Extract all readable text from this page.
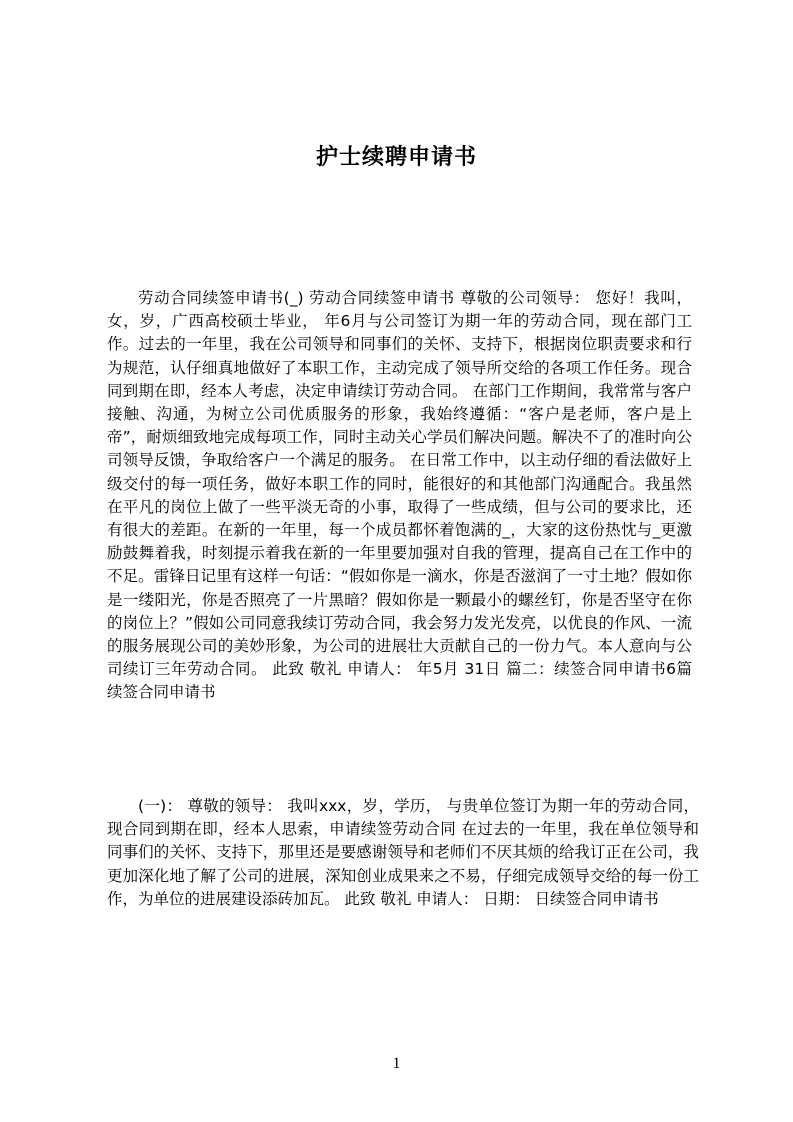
护士续聘申请书

劳动合同续签申请书(_) 劳动合同续签申请书 尊敬的公司领导： 您好！我叫，女，岁，广西高校硕士毕业， 年6月与公司签订为期一年的劳动合同，现在部门工作。过去的一年里，我在公司领导和同事们的关怀、支持下，根据岗位职责要求和行为规范，认仔细真地做好了本职工作，主动完成了领导所交给的各项工作任务。现合同到期在即，经本人考虑，决定申请续订劳动合同。 在部门工作期间，我常常与客户接触、沟通，为树立公司优质服务的形象，我始终遵循：“客户是老师，客户是上帝”，耐烦细致地完成每项工作，同时主动关心学员们解决问题。解决不了的准时向公司领导反馈，争取给客户一个满足的服务。 在日常工作中，以主动仔细的看法做好上级交付的每一项任务，做好本职工作的同时，能很好的和其他部门沟通配合。我虽然在平凡的岗位上做了一些平淡无奇的小事，取得了一些成绩，但与公司的要求比，还有很大的差距。在新的一年里，每一个成员都怀着饱满的_，大家的这份热忱与_更激励鼓舞着我，时刻提示着我在新的一年里要加强对自我的管理，提高自己在工作中的不足。雷锋日记里有这样一句话：“假如你是一滴水，你是否滋润了一寸土地？假如你是一缕阳光，你是否照亮了一片黑暗？假如你是一颗最小的螺丝钉，你是否坚守在你的岗位上？”假如公司同意我续订劳动合同，我会努力发光发亮，以优良的作风、一流的服务展现公司的美妙形象，为公司的进展壮大贡献自己的一份力气。本人意向与公司续订三年劳动合同。 此致 敬礼 申请人： 年5月 31日 篇二：续签合同申请书6篇 续签合同申请书

(一)： 尊敬的领导： 我叫xxx，岁，学历， 与贵单位签订为期一年的劳动合同，现合同到期在即，经本人思索，申请续签劳动合同 在过去的一年里，我在单位领导和同事们的关怀、支持下，那里还是要感谢领导和老师们不厌其烦的给我订正在公司，我更加深化地了解了公司的进展，深知创业成果来之不易，仔细完成领导交给的每一份工作，为单位的进展建设添砖加瓦。 此致 敬礼 申请人： 日期： 日续签合同申请书

1
